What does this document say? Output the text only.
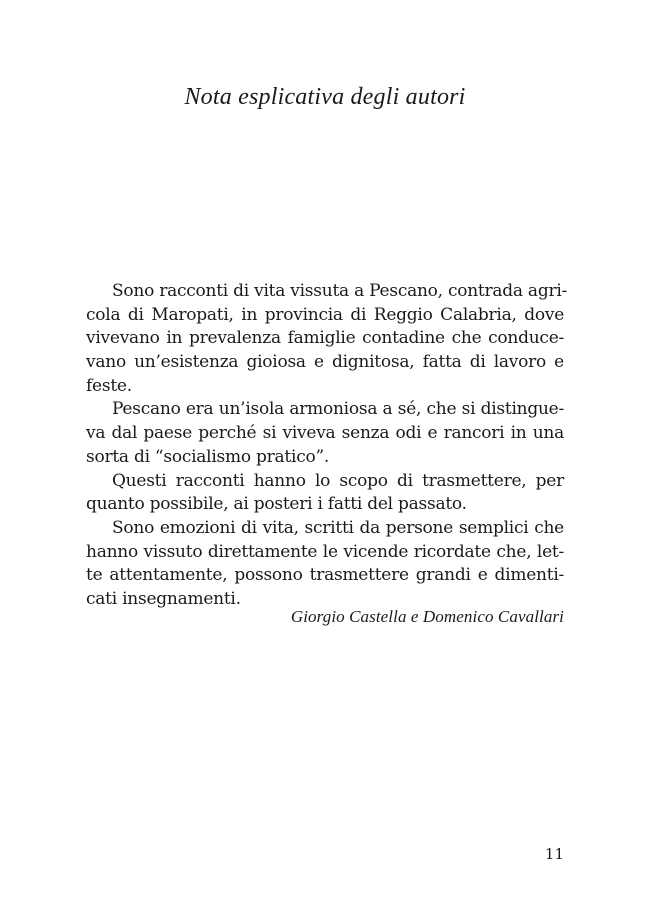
Nota esplicativa degli autori
Sono racconti di vita vissuta a Pescano, contrada agri-
cola di Maropati, in provincia di Reggio Calabria, dove
vivevano in prevalenza famiglie contadine che conduce-
vano un’esistenza gioiosa e dignitosa, fatta di lavoro e
feste.
Pescano era un’isola armoniosa a sé, che si distingue-
va dal paese perché si viveva senza odi e rancori in una
sorta di “socialismo pratico”.
Questi racconti hanno lo scopo di trasmettere, per
quanto possibile, ai posteri i fatti del passato.
Sono emozioni di vita, scritti da persone semplici che
hanno vissuto direttamente le vicende ricordate che, let-
te attentamente, possono trasmettere grandi e dimenti-
cati insegnamenti.
Giorgio Castella e Domenico Cavallari
11
